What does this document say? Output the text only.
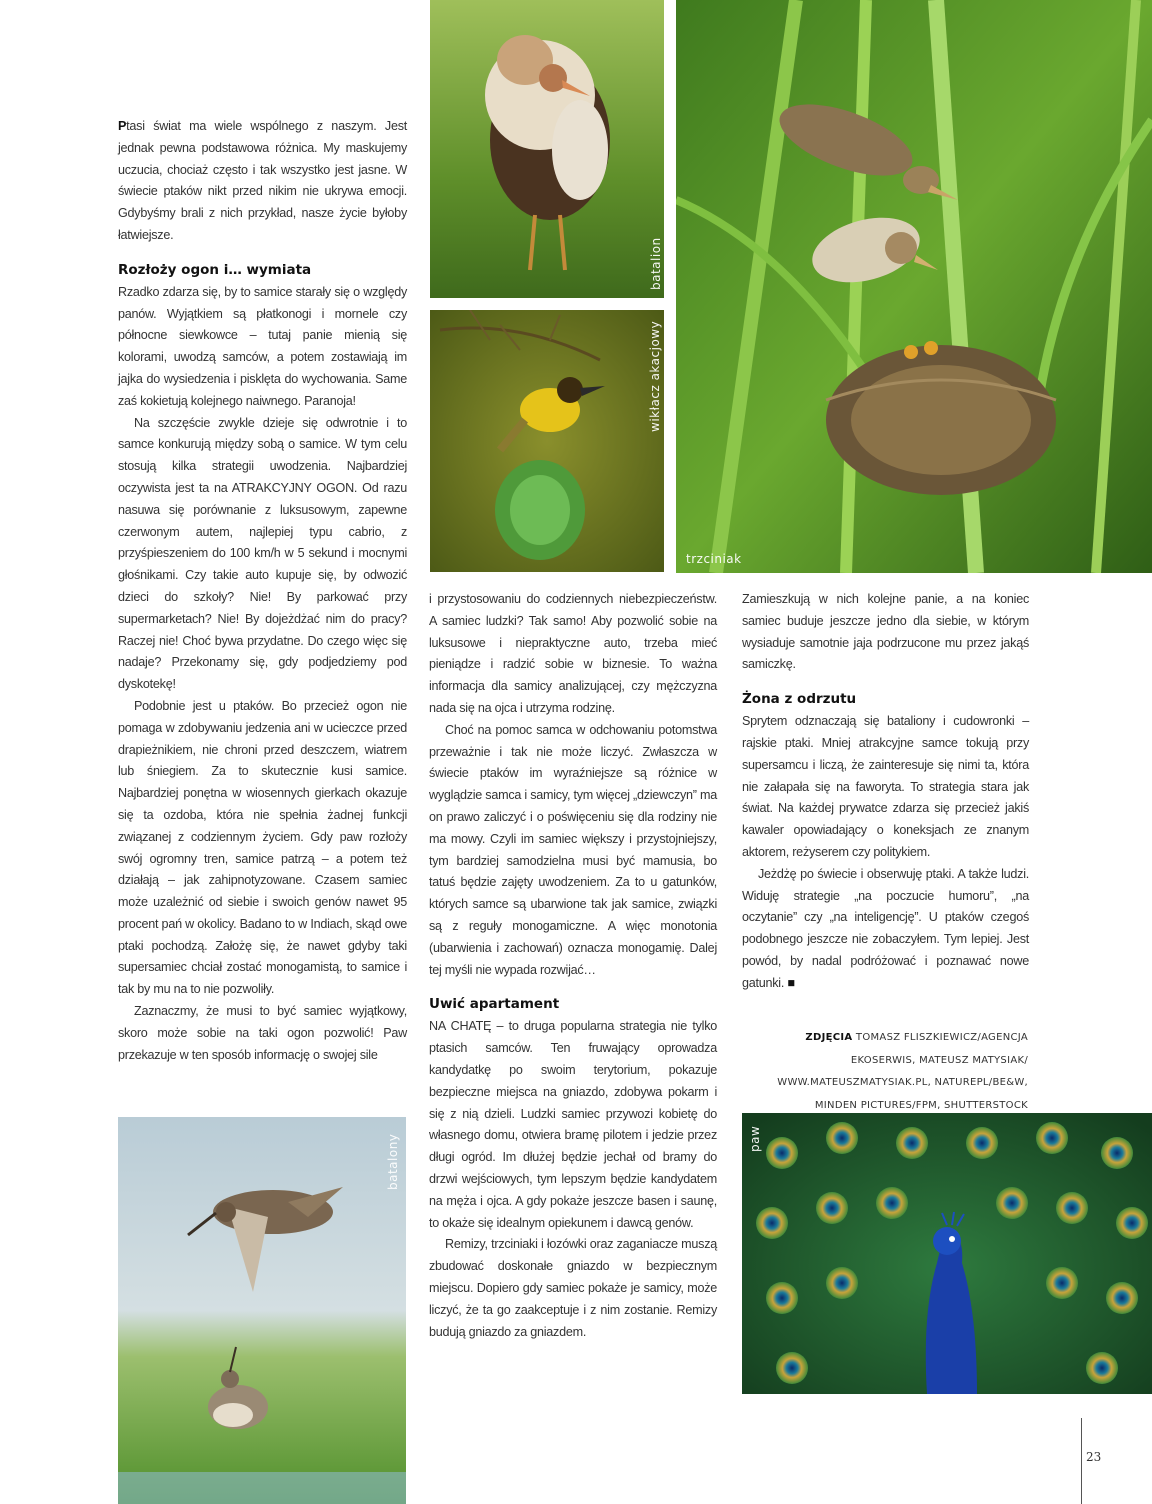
batalion
wikłacz akacjowy
trzciniak
batalony	paw

Ptasi świat ma wiele wspólnego z naszym. Jest jednak pewna podstawowa różnica. My maskujemy uczucia, chociaż często i tak wszystko jest jasne. W świecie ptaków nikt przed nikim nie ukrywa emocji. Gdybyśmy brali z nich przykład, nasze życie byłoby łatwiejsze.

Rozłoży ogon i… wymiata

Rzadko zdarza się, by to samice starały się o względy panów. Wyjątkiem są płatkonogi i mornele czy północne siewkowce – tutaj panie mienią się kolorami, uwodzą samców, a potem zostawiają im jajka do wysiedzenia i pisklęta do wychowania. Same zaś kokietują kolejnego naiwnego. Paranoja!

Na szczęście zwykle dzieje się odwrotnie i to samce konkurują między sobą o samice. W tym celu stosują kilka strategii uwodzenia. Najbardziej oczywista jest ta na ATRAKCYJNY OGON. Od razu nasuwa się porównanie z luksusowym, zapewne czerwonym autem, najlepiej typu cabrio, z przyśpieszeniem do 100 km/h w 5 sekund i mocnymi głośnikami. Czy takie auto kupuje się, by odwozić dzieci do szkoły? Nie! By parkować przy supermarketach? Nie! By dojeżdżać nim do pracy? Raczej nie! Choć bywa przydatne. Do czego więc się nadaje? Przekonamy się, gdy podjedziemy pod dyskotekę!

Podobnie jest u ptaków. Bo przecież ogon nie pomaga w zdobywaniu jedzenia ani w ucieczce przed drapieżnikiem, nie chroni przed deszczem, wiatrem lub śniegiem. Za to skutecznie kusi samice. Najbardziej ponętna w wiosennych gierkach okazuje się ta ozdoba, która nie spełnia żadnej funkcji związanej z codziennym życiem. Gdy paw rozłoży swój ogromny tren, samice patrzą – a potem też działają – jak zahipnotyzowane. Czasem samiec może uzależnić od siebie i swoich genów nawet 95 procent pań w okolicy. Badano to w Indiach, skąd owe ptaki pochodzą. Założę się, że nawet gdyby taki supersamiec chciał zostać monogamistą, to samice i tak by mu na to nie pozwoliły.

Zaznaczmy, że musi to być samiec wyjątkowy, skoro może sobie na taki ogon pozwolić! Paw przekazuje w ten sposób informację o swojej sile

i przystosowaniu do codziennych niebezpieczeństw. A samiec ludzki? Tak samo! Aby pozwolić sobie na luksusowe i niepraktyczne auto, trzeba mieć pieniądze i radzić sobie w biznesie. To ważna informacja dla samicy analizującej, czy mężczyzna nada się na ojca i utrzyma rodzinę.

Choć na pomoc samca w odchowaniu potomstwa przeważnie i tak nie może liczyć. Zwłaszcza w świecie ptaków im wyraźniejsze są różnice w wyglądzie samca i samicy, tym więcej „dziewczyn” ma on prawo zaliczyć i o poświęceniu się dla rodziny nie ma mowy. Czyli im samiec większy i przystojniejszy, tym bardziej samodzielna musi być mamusia, bo tatuś będzie zajęty uwodzeniem. Za to u gatunków, których samce są ubarwione tak jak samice, związki są z reguły monogamiczne. A więc monotonia (ubarwienia i zachowań) oznacza monogamię. Dalej tej myśli nie wypada rozwijać…

Uwić apartament

NA CHATĘ – to druga popularna strategia nie tylko ptasich samców. Ten fruwający oprowadza kandydatkę po swoim terytorium, pokazuje bezpieczne miejsca na gniazdo, zdobywa pokarm i się z nią dzieli. Ludzki samiec przywozi kobietę do własnego domu, otwiera bramę pilotem i jedzie przez długi ogród. Im dłużej będzie jechał od bramy do drzwi wejściowych, tym lepszym będzie kandydatem na męża i ojca. A gdy pokaże jeszcze basen i saunę, to okaże się idealnym opiekunem i dawcą genów.

Remizy, trzciniaki i łozówki oraz zaganiacze muszą zbudować doskonałe gniazdo w bezpiecznym miejscu. Dopiero gdy samiec pokaże je samicy, może liczyć, że ta go zaakceptuje i z nim zostanie. Remizy budują gniazdo za gniazdem.

Zamieszkują w nich kolejne panie, a na koniec samiec buduje jeszcze jedno dla siebie, w którym wysiaduje samotnie jaja podrzucone mu przez jakąś samiczkę.

Żona z odrzutu

Sprytem odznaczają się bataliony i cudowronki – rajskie ptaki. Mniej atrakcyjne samce tokują przy supersamcu i liczą, że zainteresuje się nimi ta, która nie załapała się na faworyta. To strategia stara jak świat. Na każdej prywatce zdarza się przecież jakiś kawaler opowiadający o koneksjach ze znanym aktorem, reżyserem czy politykiem.

Jeżdżę po świecie i obserwuję ptaki. A także ludzi. Widuję strategie „na poczucie humoru”, „na oczytanie” czy „na inteligencję”. U ptaków czegoś podobnego jeszcze nie zobaczyłem. Tym lepiej. Jest powód, by nadal podróżować i poznawać nowe gatunki. ■

ZDJĘCIA TOMASZ FLISZKIEWICZ/AGENCJA EKOSERWIS, MATEUSZ MATYSIAK/ WWW.MATEUSZMATYSIAK.PL, NATUREPL/BE&W, MINDEN PICTURES/FPM, SHUTTERSTOCK
23
